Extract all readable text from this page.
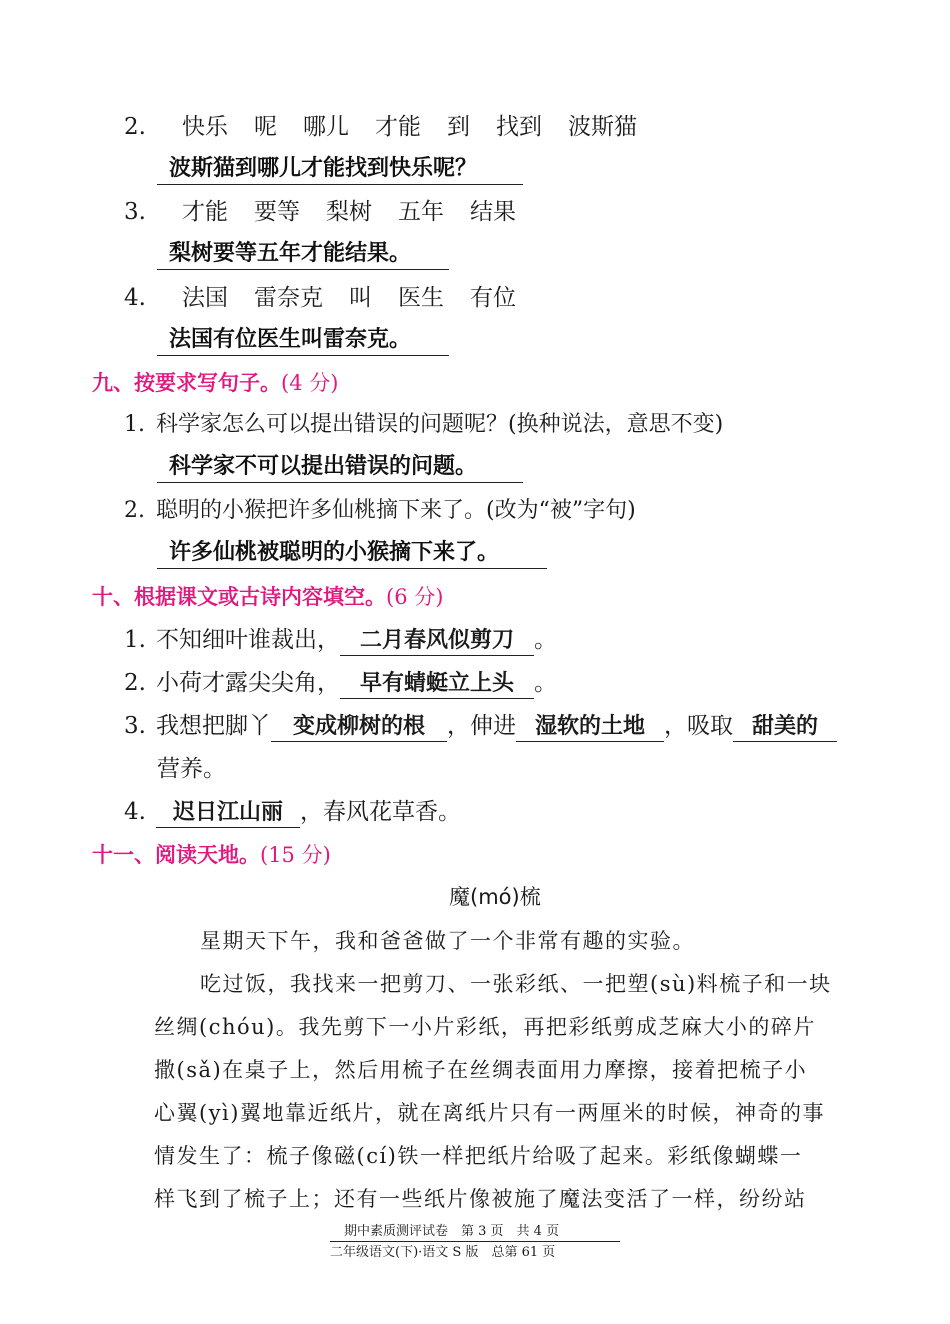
2. 快乐 呢 哪儿 才能 到 找到 波斯猫
波斯猫到哪儿才能找到快乐呢？
3. 才能 要等 梨树 五年 结果
梨树要等五年才能结果。
4. 法国 雷奈克 叫 医生 有位
法国有位医生叫雷奈克。
九、按要求写句子。(4 分)
1. 科学家怎么可以提出错误的问题呢？(换种说法，意思不变)
科学家不可以提出错误的问题。
2. 聪明的小猴把许多仙桃摘下来了。(改为“被”字句)
许多仙桃被聪明的小猴摘下来了。
十、根据课文或古诗内容填空。(6 分)
1. 不知细叶谁裁出， 二月春风似剪刀 。
2. 小荷才露尖尖角， 早有蜻蜓立上头 。
3. 我想把脚丫 变成柳树的根 ，伸进 湿软的土地 ，吸取 甜美的
营养。
4. 迟日江山丽 ，春风花草香。
十一、阅读天地。(15 分)
魔(mó)梳
星期天下午，我和爸爸做了一个非常有趣的实验。
吃过饭，我找来一把剪刀、一张彩纸、一把塑(sù)料梳子和一块
丝绸(chóu)。我先剪下一小片彩纸，再把彩纸剪成芝麻大小的碎片
撒(sǎ)在桌子上，然后用梳子在丝绸表面用力摩擦，接着把梳子小
心翼(yì)翼地靠近纸片，就在离纸片只有一两厘米的时候，神奇的事
情发生了：梳子像磁(cí)铁一样把纸片给吸了起来。彩纸像蝴蝶一
样飞到了梳子上；还有一些纸片像被施了魔法变活了一样，纷纷站
期中素质测评试卷　第 3 页　共 4 页
二年级语文(下)·语文 S 版　总第 61 页
